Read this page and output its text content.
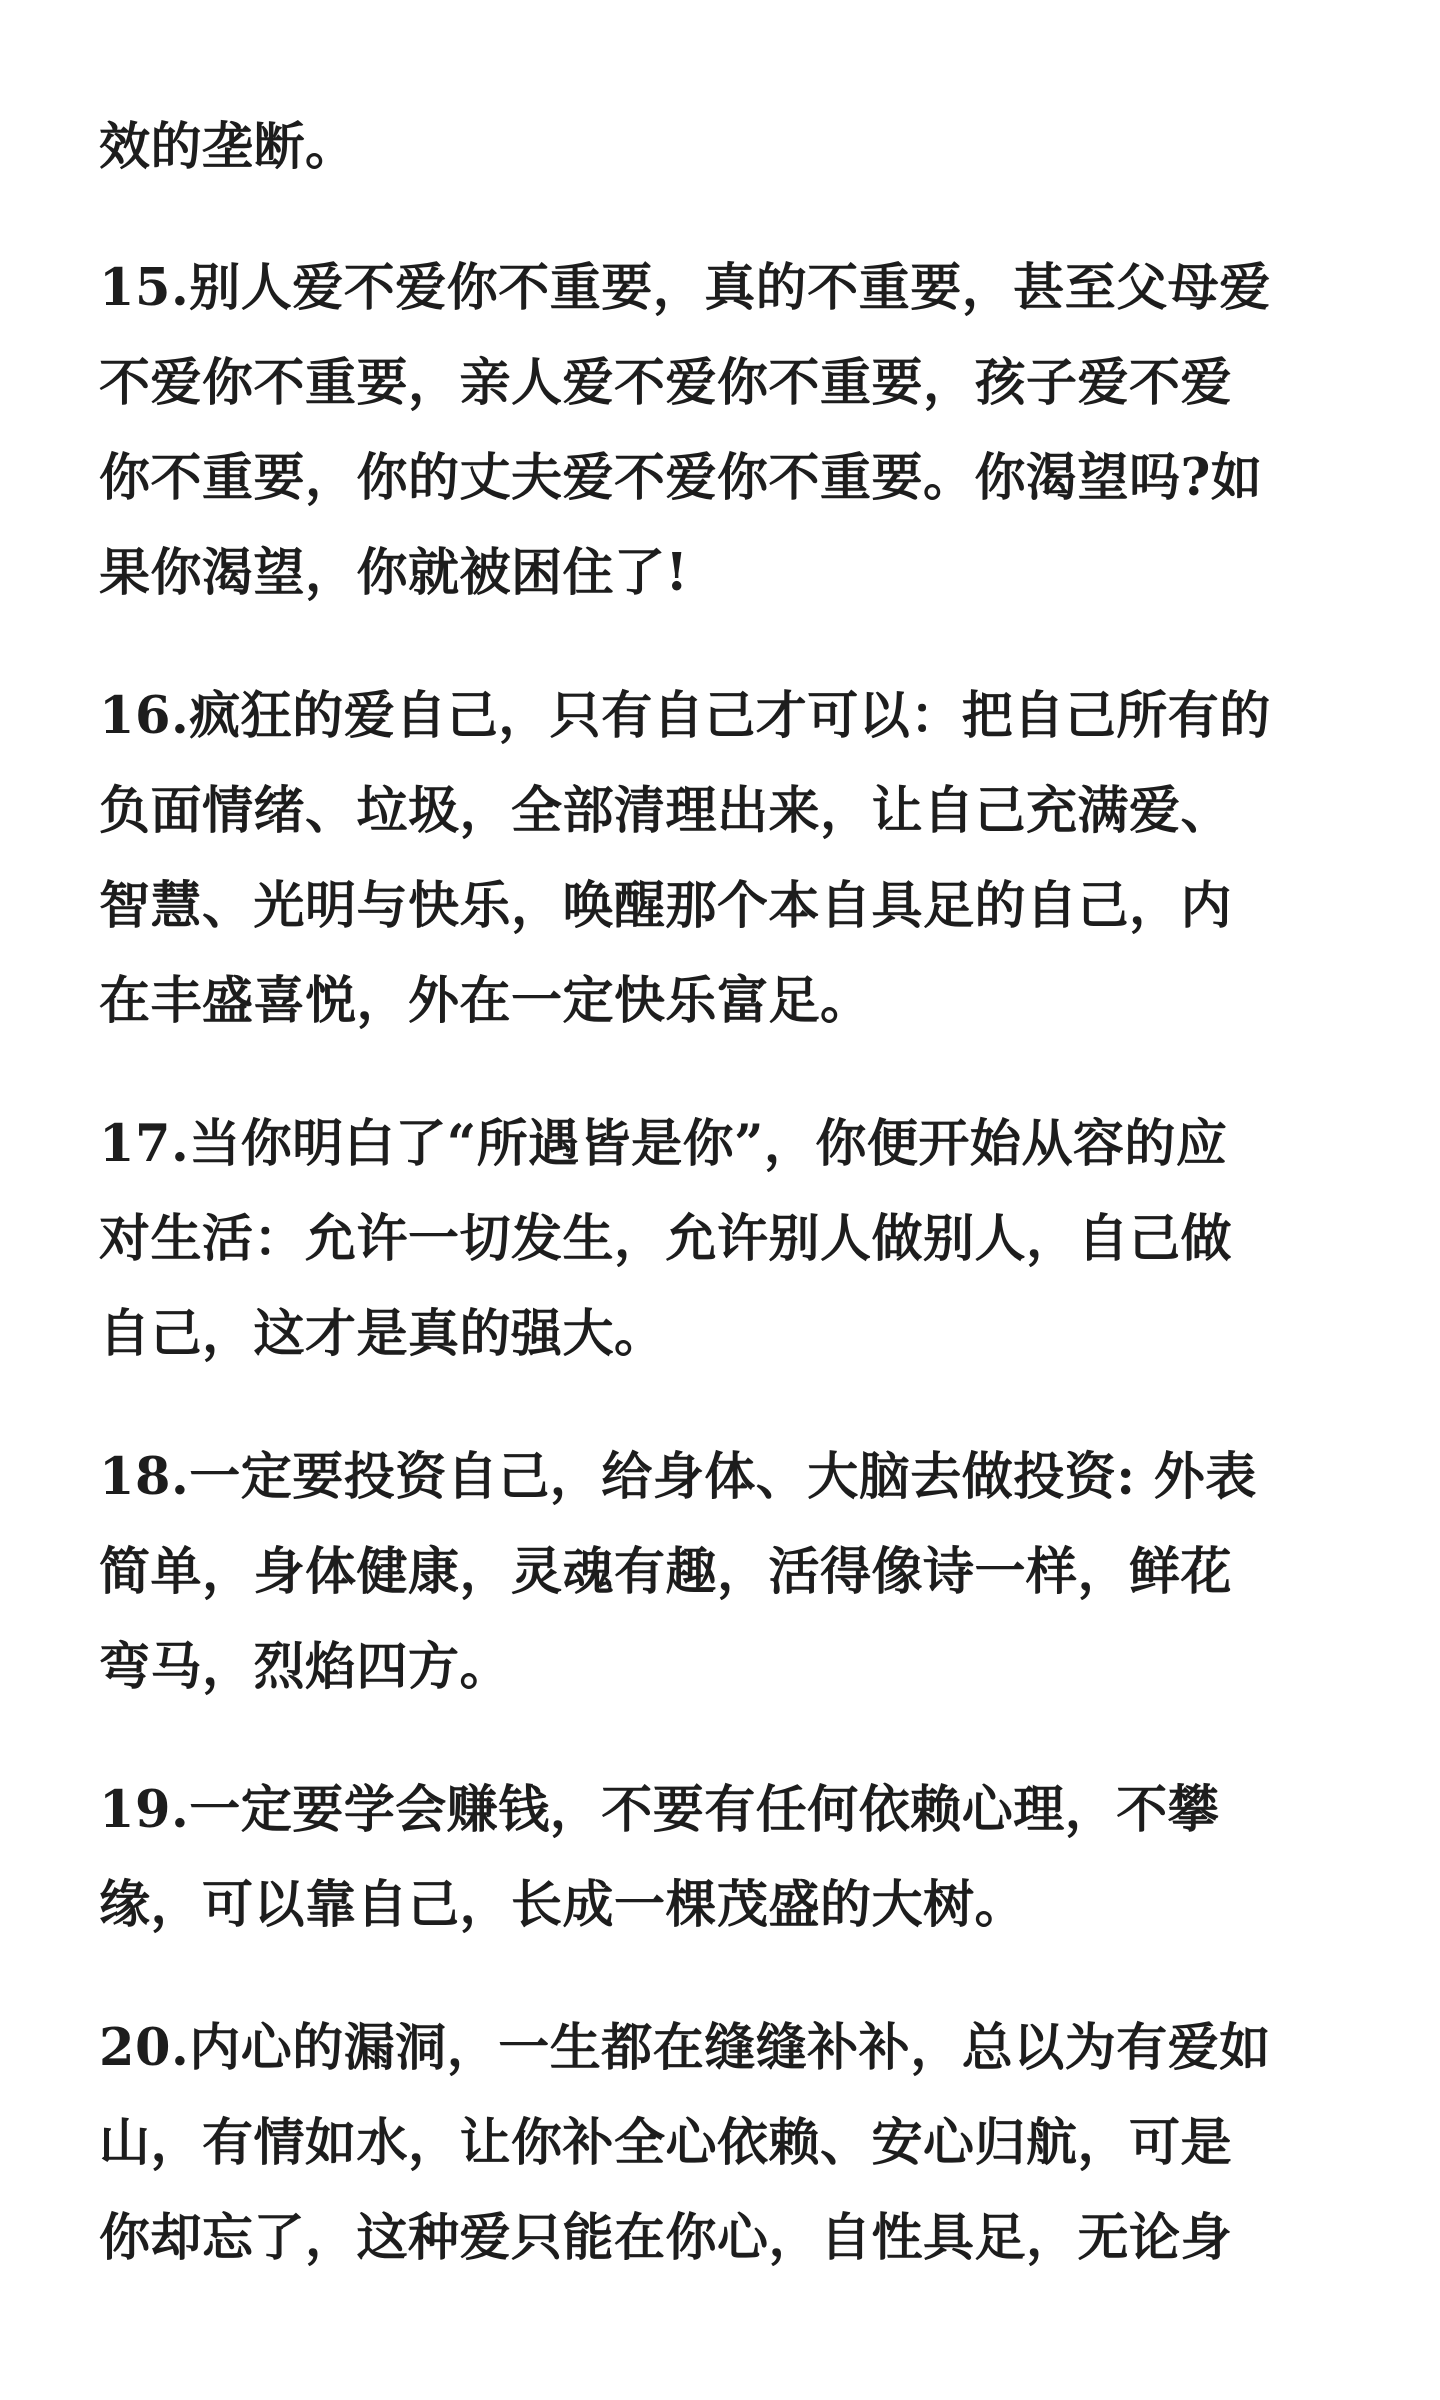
效的垄断。
15.别人爱不爱你不重要，真的不重要，甚至父母爱
不爱你不重要，亲人爱不爱你不重要，孩子爱不爱
你不重要，你的丈夫爱不爱你不重要。你渴望吗?如
果你渴望，你就被困住了!
16.疯狂的爱自己，只有自己才可以：把自己所有的
负面情绪、垃圾，全部清理出来，让自己充满爱、
智慧、光明与快乐，唤醒那个本自具足的自己，内
在丰盛喜悦，外在一定快乐富足。
17.当你明白了“所遇皆是你”，你便开始从容的应
对生活：允许一切发生，允许别人做别人，自己做
自己，这才是真的强大。
18.一定要投资自己，给身体、大脑去做投资: 外表
简单，身体健康，灵魂有趣，活得像诗一样，鲜花
弯马，烈焰四方。
19.一定要学会赚钱，不要有任何依赖心理，不攀
缘，可以靠自己，长成一棵茂盛的大树。
20.内心的漏洞，一生都在缝缝补补，总以为有爱如
山，有情如水，让你补全心依赖、安心归航，可是
你却忘了，这种爱只能在你心，自性具足，无论身
